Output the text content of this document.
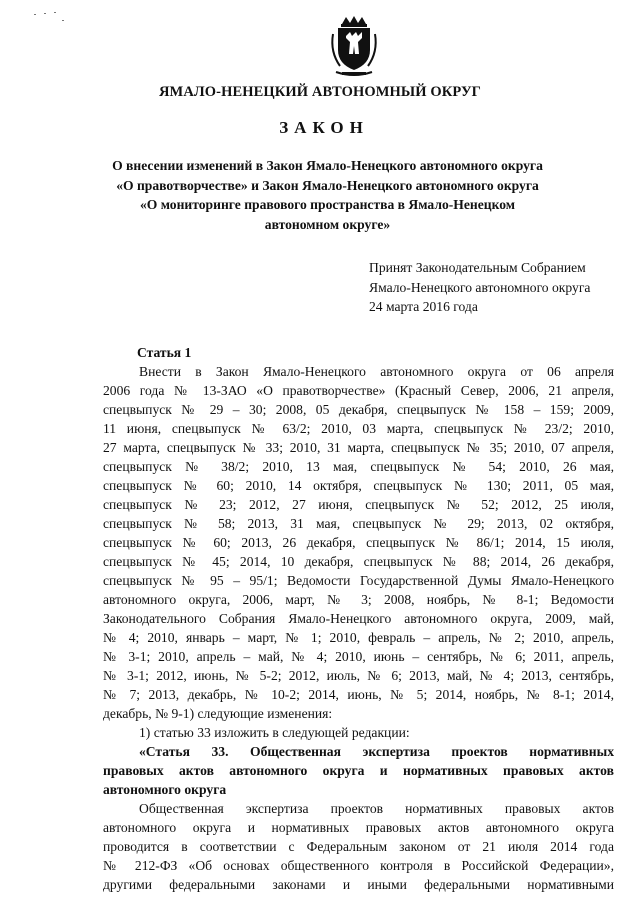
ЯМАЛО-НЕНЕЦКИЙ АВТОНОМНЫЙ ОКРУГ
ЗАКОН
О внесении изменений в Закон Ямало-Ненецкого автономного округа
«О правотворчестве» и Закон Ямало-Ненецкого автономного округа
«О мониторинге правового пространства в Ямало-Ненецком
автономном округе»
Принят Законодательным Собранием
Ямало-Ненецкого автономного округа
24 марта 2016 года
Статья 1
Внести в Закон Ямало-Ненецкого автономного округа от 06 апреля
2006 года № 13-ЗАО «О правотворчестве» (Красный Север, 2006, 21 апреля,
спецвыпуск № 29 – 30; 2008, 05 декабря, спецвыпуск № 158 – 159; 2009,
11 июня, спецвыпуск № 63/2; 2010, 03 марта, спецвыпуск № 23/2; 2010,
27 марта, спецвыпуск № 33; 2010, 31 марта, спецвыпуск № 35; 2010, 07 апреля,
спецвыпуск № 38/2; 2010, 13 мая, спецвыпуск № 54; 2010, 26 мая,
спецвыпуск № 60; 2010, 14 октября, спецвыпуск № 130; 2011, 05 мая,
спецвыпуск № 23; 2012, 27 июня, спецвыпуск № 52; 2012, 25 июля,
спецвыпуск № 58; 2013, 31 мая, спецвыпуск № 29; 2013, 02 октября,
спецвыпуск № 60; 2013, 26 декабря, спецвыпуск № 86/1; 2014, 15 июля,
спецвыпуск № 45; 2014, 10 декабря, спецвыпуск № 88; 2014, 26 декабря,
спецвыпуск № 95 – 95/1; Ведомости Государственной Думы Ямало-Ненецкого
автономного округа, 2006, март, № 3; 2008, ноябрь, № 8-1; Ведомости
Законодательного Собрания Ямало-Ненецкого автономного округа, 2009, май,
№ 4; 2010, январь – март, № 1; 2010, февраль – апрель, № 2; 2010, апрель,
№ 3-1; 2010, апрель – май, № 4; 2010, июнь – сентябрь, № 6; 2011, апрель,
№ 3-1; 2012, июнь, № 5-2; 2012, июль, № 6; 2013, май, № 4; 2013, сентябрь,
№ 7; 2013, декабрь, № 10-2; 2014, июнь, № 5; 2014, ноябрь, № 8-1; 2014,
декабрь, № 9-1) следующие изменения:
1) статью 33 изложить в следующей редакции:
«Статья 33. Общественная экспертиза проектов нормативных
правовых актов автономного округа и нормативных правовых актов
автономного округа
Общественная экспертиза проектов нормативных правовых актов
автономного округа и нормативных правовых актов автономного округа
проводится в соответствии с Федеральным законом от 21 июля 2014 года
№ 212-ФЗ «Об основах общественного контроля в Российской Федерации»,
другими федеральными законами и иными федеральными нормативными
